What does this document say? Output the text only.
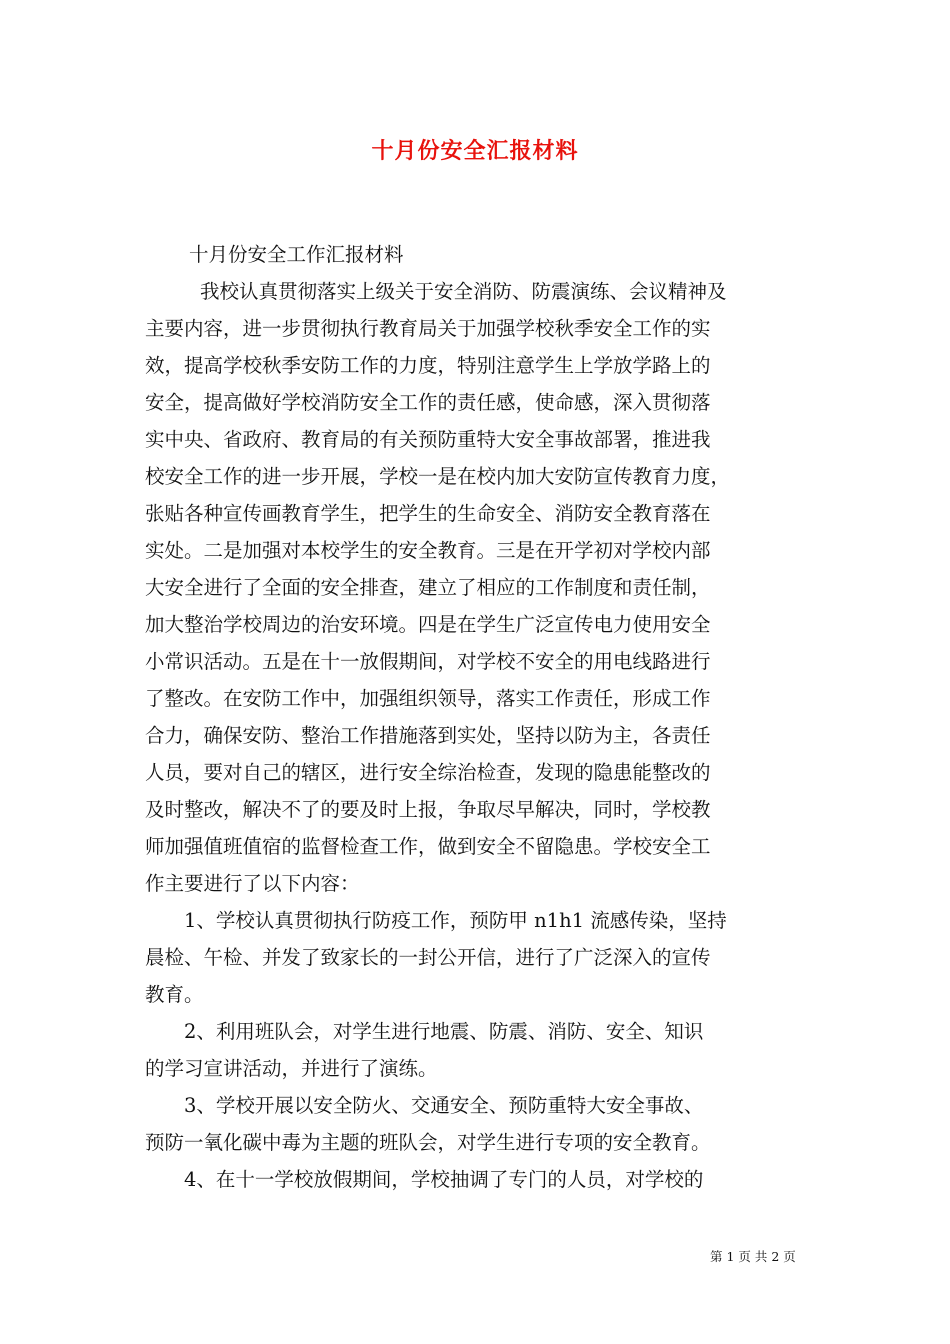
十月份安全汇报材料
十月份安全工作汇报材料
我校认真贯彻落实上级关于安全消防、防震演练、会议精神及
主要内容，进一步贯彻执行教育局关于加强学校秋季安全工作的实
效，提高学校秋季安防工作的力度，特别注意学生上学放学路上的
安全，提高做好学校消防安全工作的责任感，使命感，深入贯彻落
实中央、省政府、教育局的有关预防重特大安全事故部署，推进我
校安全工作的进一步开展，学校一是在校内加大安防宣传教育力度，
张贴各种宣传画教育学生，把学生的生命安全、消防安全教育落在
实处。二是加强对本校学生的安全教育。三是在开学初对学校内部
大安全进行了全面的安全排查，建立了相应的工作制度和责任制，
加大整治学校周边的治安环境。四是在学生广泛宣传电力使用安全
小常识活动。五是在十一放假期间，对学校不安全的用电线路进行
了整改。在安防工作中，加强组织领导，落实工作责任，形成工作
合力，确保安防、整治工作措施落到实处，坚持以防为主，各责任
人员，要对自己的辖区，进行安全综治检查，发现的隐患能整改的
及时整改，解决不了的要及时上报，争取尽早解决，同时，学校教
师加强值班值宿的监督检查工作，做到安全不留隐患。学校安全工
作主要进行了以下内容：
1、学校认真贯彻执行防疫工作，预防甲 n1h1 流感传染，坚持
晨检、午检、并发了致家长的一封公开信，进行了广泛深入的宣传
教育。
2、利用班队会，对学生进行地震、防震、消防、安全、知识
的学习宣讲活动，并进行了演练。
3、学校开展以安全防火、交通安全、预防重特大安全事故、
预防一氧化碳中毒为主题的班队会，对学生进行专项的安全教育。
4、在十一学校放假期间，学校抽调了专门的人员，对学校的
第 1 页 共 2 页
